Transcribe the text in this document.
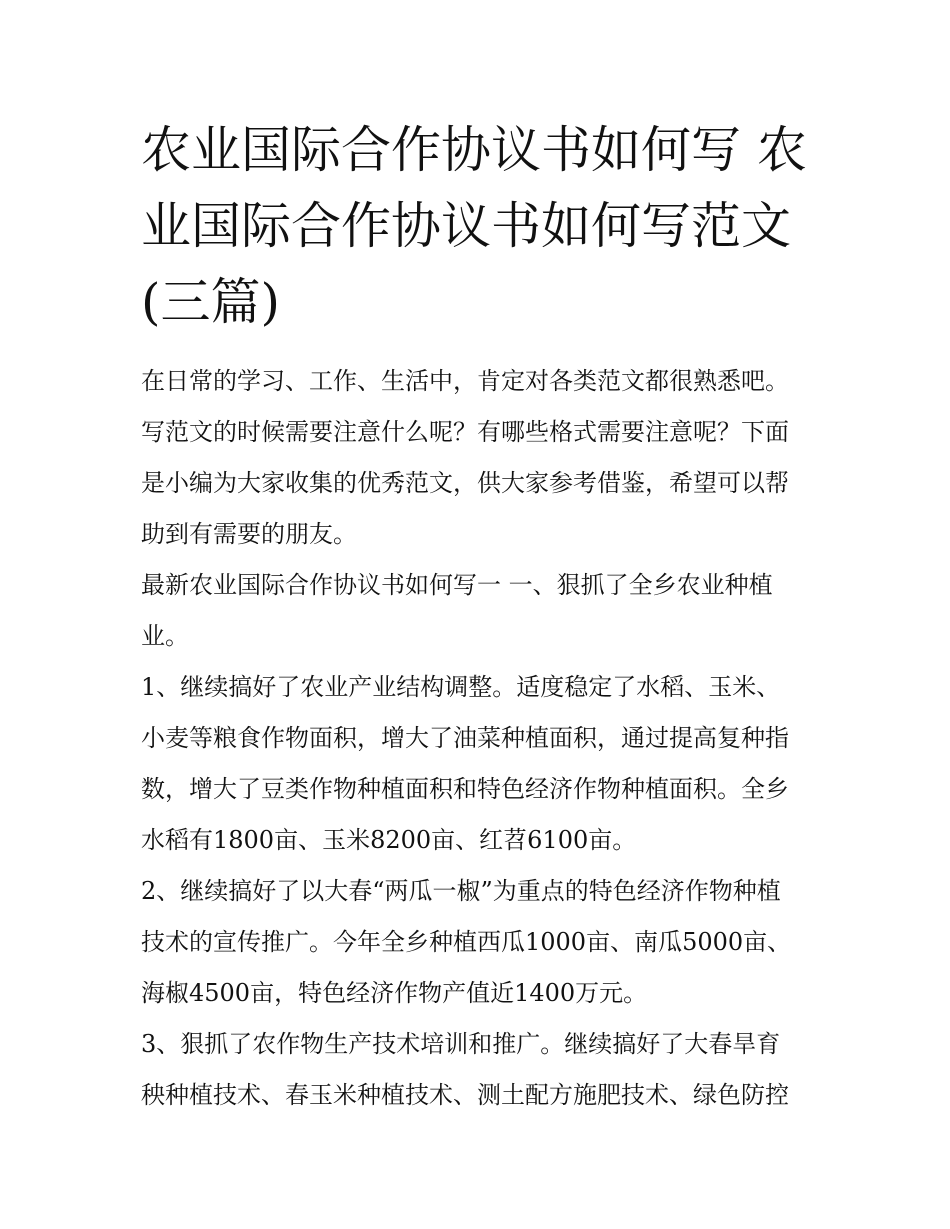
农业国际合作协议书如何写 农
业国际合作协议书如何写范文
(三篇)
在日常的学习、工作、生活中，肯定对各类范文都很熟悉吧。
写范文的时候需要注意什么呢？有哪些格式需要注意呢？下面
是小编为大家收集的优秀范文，供大家参考借鉴，希望可以帮
助到有需要的朋友。
最新农业国际合作协议书如何写一 一、狠抓了全乡农业种植
业。
1、继续搞好了农业产业结构调整。适度稳定了水稻、玉米、
小麦等粮食作物面积，增大了油菜种植面积，通过提高复种指
数，增大了豆类作物种植面积和特色经济作物种植面积。全乡
水稻有1800亩、玉米8200亩、红苕6100亩。
2、继续搞好了以大春“两瓜一椒”为重点的特色经济作物种植
技术的宣传推广。今年全乡种植西瓜1000亩、南瓜5000亩、
海椒4500亩，特色经济作物产值近1400万元。
3、狠抓了农作物生产技术培训和推广。继续搞好了大春旱育
秧种植技术、春玉米种植技术、测土配方施肥技术、绿色防控
